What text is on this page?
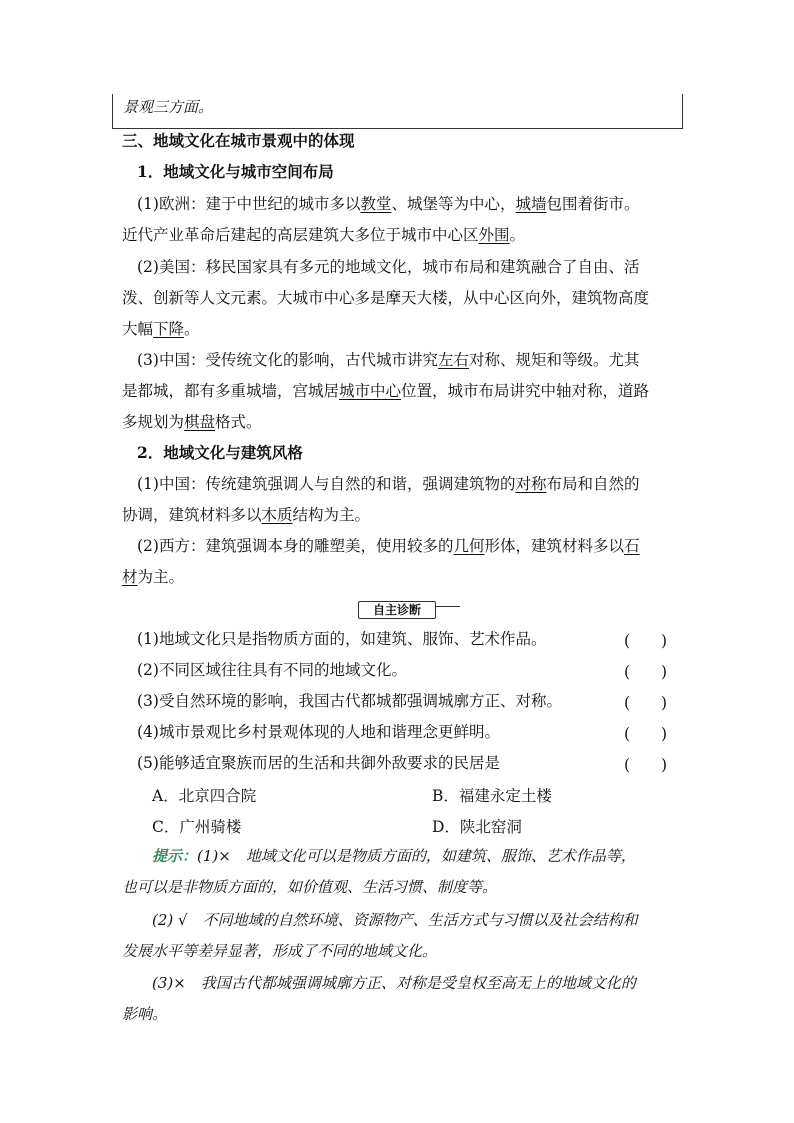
景观三方面。
三、地域文化在城市景观中的体现
1．地域文化与城市空间布局
(1)欧洲：建于中世纪的城市多以教堂、城堡等为中心，城墙包围着街市。
近代产业革命后建起的高层建筑大多位于城市中心区外围。
(2)美国：移民国家具有多元的地域文化，城市布局和建筑融合了自由、活
泼、创新等人文元素。大城市中心多是摩天大楼，从中心区向外，建筑物高度
大幅下降。
(3)中国：受传统文化的影响，古代城市讲究左右对称、规矩和等级。尤其
是都城，都有多重城墙，宫城居城市中心位置，城市布局讲究中轴对称，道路
多规划为棋盘格式。
2．地域文化与建筑风格
(1)中国：传统建筑强调人与自然的和谐，强调建筑物的对称布局和自然的
协调，建筑材料多以木质结构为主。
(2)西方：建筑强调本身的雕塑美，使用较多的几何形体，建筑材料多以石
材为主。
自主诊断
(1)地域文化只是指物质方面的，如建筑、服饰、艺术作品。	(　　)
(2)不同区域往往具有不同的地域文化。	(　　)
(3)受自然环境的影响，我国古代都城都强调城廓方正、对称。	(　　)
(4)城市景观比乡村景观体现的人地和谐理念更鲜明。	(　　)
(5)能够适宜聚族而居的生活和共御外敌要求的民居是	(　　)
A．北京四合院	B．福建永定土楼
C．广州骑楼	D．陕北窑洞
提示：(1)×　地域文化可以是物质方面的，如建筑、服饰、艺术作品等，
也可以是非物质方面的，如价值观、生活习惯、制度等。
(2) √　不同地域的自然环境、资源物产、生活方式与习惯以及社会结构和
发展水平等差异显著，形成了不同的地域文化。
(3)×　我国古代都城强调城廓方正、对称是受皇权至高无上的地域文化的
影响。
